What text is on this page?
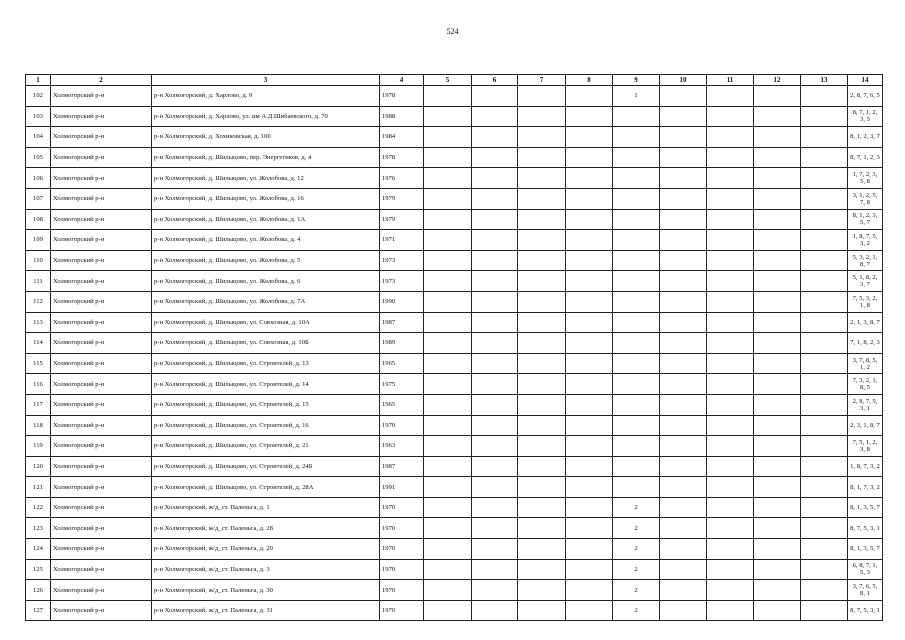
524
1	2	3	4	5	6	7	8	9	10	11	12	13	14
102	Холмогорский р-н	р-н Холмогорский, д. Харлово, д. 9	1978					1					2, 8, 7, 6, 5
103	Холмогорский р-н	р-н Холмогорский, д. Харлово, ул. им А.Д.Шибаевского, д. 70	1988										8, 7, 1, 2, 3, 5
104	Холмогорский р-н	р-н Холмогорский, д. Хохиковская, д. 100	1984										8, 1, 2, 3, 7
105	Холмогорский р-н	р-н Холмогорский, д. Шилыцово, пер. Энергетиков, д. 4	1978										8, 7, 1, 2, 3
106	Холмогорский р-н	р-н Холмогорский, д. Шилыцово, ул. Жолобова, д. 12	1976										1, 7, 2, 3, 5, 8
107	Холмогорский р-н	р-н Холмогорский, д. Шилыцово, ул. Жолобова, д. 16	1979										3, 1, 2, 5, 7, 8
108	Холмогорский р-н	р-н Холмогорский, д. Шилыцово, ул. Жолобова, д. 1А	1979										8, 1, 2, 3, 5, 7
109	Холмогорский р-н	р-н Холмогорский, д. Шилыцово, ул. Жолобова, д. 4	1971										1, 8, 7, 5, 3, 2
110	Холмогорский р-н	р-н Холмогорский, д. Шилыцово, ул. Жолобова, д. 5	1973										5, 3, 2, 1, 8, 7
111	Холмогорский р-н	р-н Холмогорский, д. Шилыцово, ул. Жолобова, д. 6	1973										5, 1, 8, 2, 3, 7
112	Холмогорский р-н	р-н Холмогорский, д. Шилыцово, ул. Жолобова, д. 7А	1990										7, 5, 3, 2, 1, 8
113	Холмогорский р-н	р-н Холмогорский, д. Шилыцово, ул. Совхозная, д. 10А	1987										2, 1, 3, 8, 7
114	Холмогорский р-н	р-н Холмогорский, д. Шилыцово, ул. Совхозная, д. 10Б	1989										7, 1, 8, 2, 3
115	Холмогорский р-н	р-н Холмогорский, д. Шилыцово, ул. Строителей, д. 13	1965										3, 7, 8, 5, 1, 2
116	Холмогорский р-н	р-н Холмогорский, д. Шилыцово, ул. Строителей, д. 14	1975										7, 3, 2, 1, 8, 5
117	Холмогорский р-н	р-н Холмогорский, д. Шилыцово, ул. Строителей, д. 15	1965										2, 8, 7, 5, 3, 1
118	Холмогорский р-н	р-н Холмогорский, д. Шилыцово, ул. Строителей, д. 16	1970										2, 3, 1, 8, 7
119	Холмогорский р-н	р-н Холмогорский, д. Шилыцово, ул. Строителей, д. 21	1963										7, 5, 1, 2, 3, 8
120	Холмогорский р-н	р-н Холмогорский, д. Шилыцово, ул. Строителей, д. 24Б	1987										1, 8, 7, 3, 2
121	Холмогорский р-н	р-н Холмогорский, д. Шилыцово, ул. Строителей, д. 28А	1991										8, 1, 7, 3, 2
122	Холмогорский р-н	р-н Холмогорский, ж/д_ст. Паленьга, д. 1	1970					2					8, 1, 3, 5, 7
123	Холмогорский р-н	р-н Холмогорский, ж/д_ст. Паленьга, д. 28	1970					2					8, 7, 5, 3, 1
124	Холмогорский р-н	р-н Холмогорский, ж/д_ст. Паленьга, д. 29	1970					2					8, 1, 3, 5, 7
125	Холмогорский р-н	р-н Холмогорский, ж/д_ст. Паленьга, д. 3	1970					2					6, 8, 7, 1, 5, 3
126	Холмогорский р-н	р-н Холмогорский, ж/д_ст. Паленьга, д. 30	1970					2					3, 7, 6, 5, 8, 1
127	Холмогорский р-н	р-н Холмогорский, ж/д_ст. Паленьга, д. 31	1970					2					8, 7, 5, 3, 1
